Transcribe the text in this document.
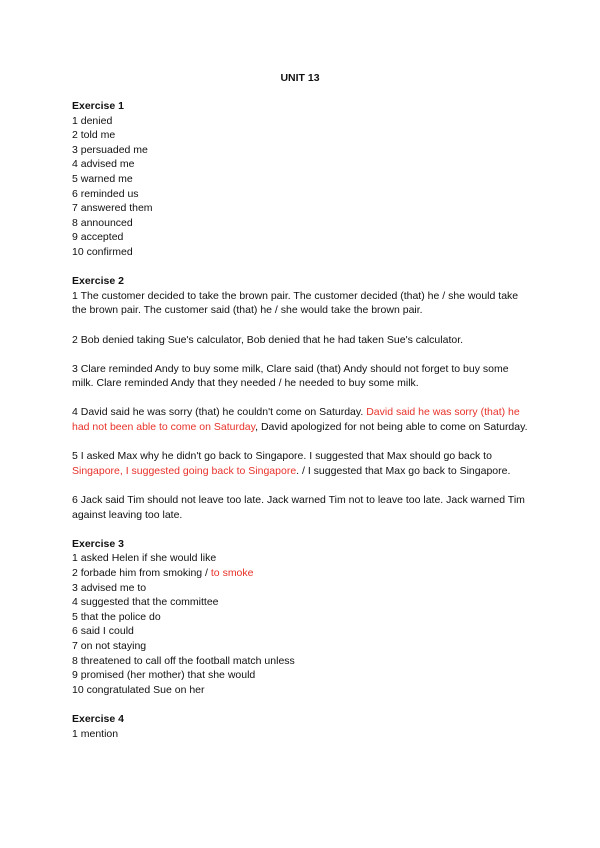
UNIT 13

Exercise 1

1 denied

2 told me

3 persuaded me

4 advised me

5 warned me

6 reminded us

7 answered them

8 announced

9 accepted

10 confirmed

Exercise 2

1 The customer decided to take the brown pair. The customer decided (that) he / she would take the brown pair. The customer said (that) he / she would take the brown pair.

2 Bob denied taking Sue's calculator, Bob denied that he had taken Sue's calculator.

3 Clare reminded Andy to buy some milk, Clare said (that) Andy should not forget to buy some milk. Clare reminded Andy that they needed / he needed to buy some milk.

4 David said he was sorry (that) he couldn't come on Saturday. David said he was sorry (that) he had not been able to come on Saturday, David apologized for not being able to come on Saturday.

5 I asked Max why he didn't go back to Singapore. I suggested that Max should go back to Singapore, I suggested going back to Singapore. / I suggested that Max go back to Singapore.

6 Jack said Tim should not leave too late. Jack warned Tim not to leave too late. Jack warned Tim against leaving too late.

Exercise 3

1 asked Helen if she would like

2 forbade him from smoking / to smoke

3 advised me to

4 suggested that the committee

5 that the police do

6 said I could

7 on not staying

8 threatened to call off the football match unless

9 promised (her mother) that she would

10 congratulated Sue on her

Exercise 4

1 mention
